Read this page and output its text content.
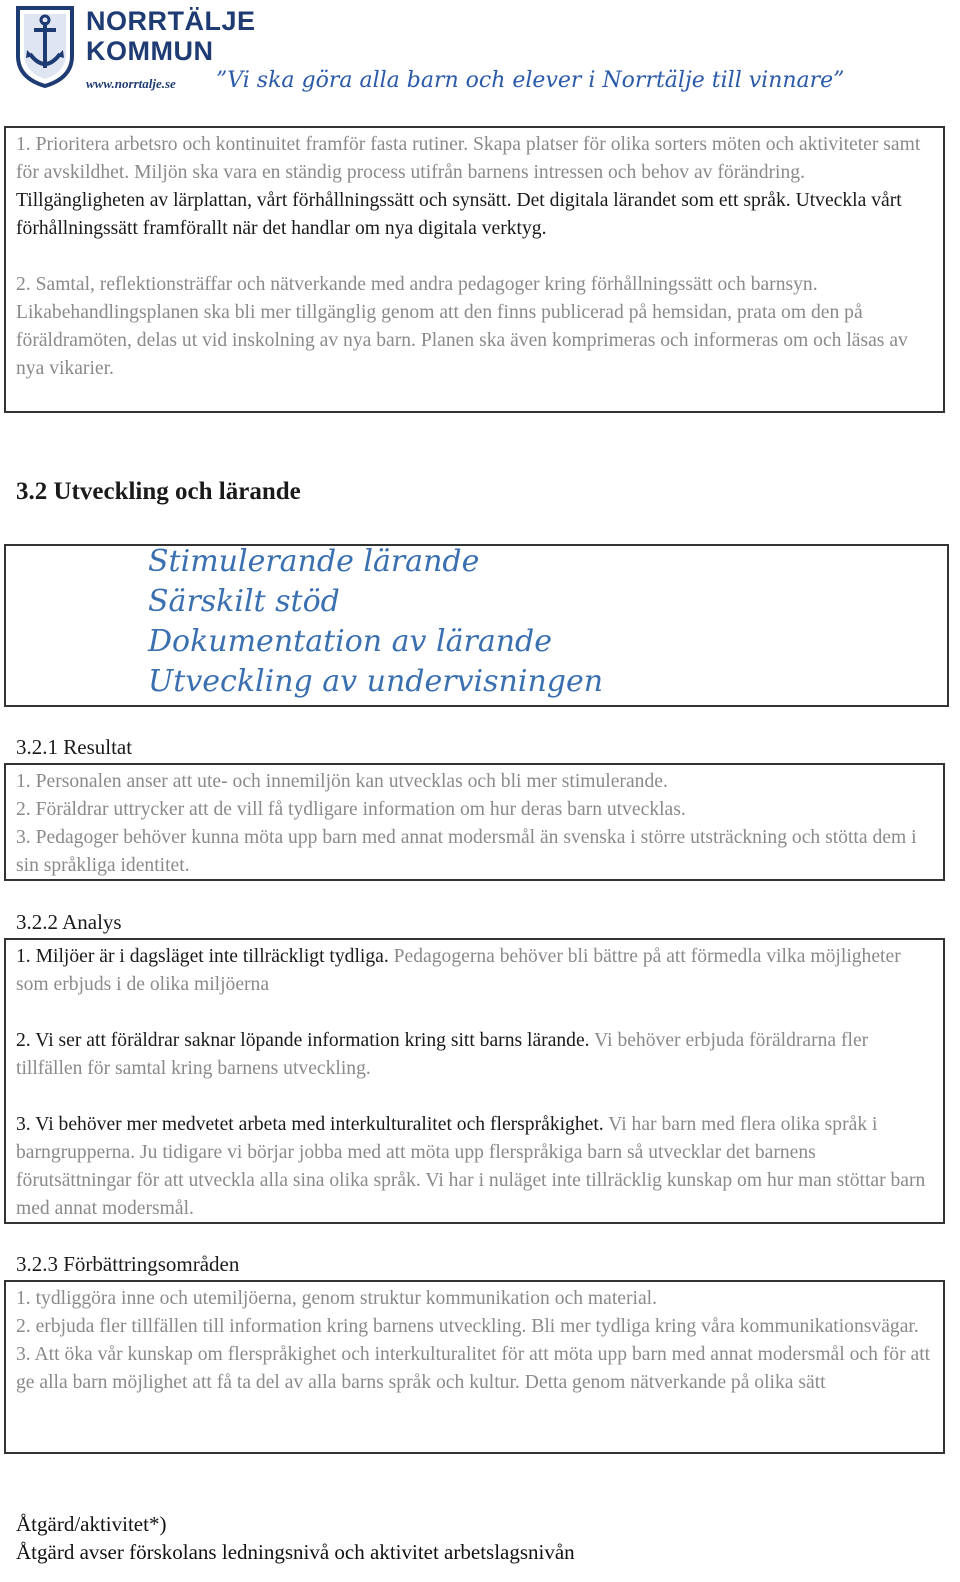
NORRTÄLJE
KOMMUN
www.norrtalje.se ”Vi ska göra alla barn och elever i Norrtälje till vinnare”

1. Prioritera arbetsro och kontinuitet framför fasta rutiner. Skapa platser för olika sorters möten och aktiviteter samt för avskildhet. Miljön ska vara en ständig process utifrån barnens intressen och behov av förändring. Tillgängligheten av lärplattan, vårt förhållningssätt och synsätt. Det digitala lärandet som ett språk. Utveckla vårt förhållningssätt framförallt när det handlar om nya digitala verktyg.

2. Samtal, reflektionsträffar och nätverkande med andra pedagoger kring förhållningssätt och barnsyn. Likabehandlingsplanen ska bli mer tillgänglig genom att den finns publicerad på hemsidan, prata om den på föräldramöten, delas ut vid inskolning av nya barn. Planen ska även komprimeras och informeras om och läsas av nya vikarier.

3.2 Utveckling och lärande
Stimulerande lärande
Särskilt stöd
Dokumentation av lärande
Utveckling av undervisningen
3.2.1 Resultat

1. Personalen anser att ute- och innemiljön kan utvecklas och bli mer stimulerande.

2. Föräldrar uttrycker att de vill få tydligare information om hur deras barn utvecklas.

3. Pedagoger behöver kunna möta upp barn med annat modersmål än svenska i större utsträckning och stötta dem i sin språkliga identitet.

3.2.2 Analys

1. Miljöer är i dagsläget inte tillräckligt tydliga. Pedagogerna behöver bli bättre på att förmedla vilka möjligheter som erbjuds i de olika miljöerna

2. Vi ser att föräldrar saknar löpande information kring sitt barns lärande. Vi behöver erbjuda föräldrarna fler tillfällen för samtal kring barnens utveckling.

3. Vi behöver mer medvetet arbeta med interkulturalitet och flerspråkighet. Vi har barn med flera olika språk i barngrupperna. Ju tidigare vi börjar jobba med att möta upp flerspråkiga barn så utvecklar det barnens förutsättningar för att utveckla alla sina olika språk. Vi har i nuläget inte tillräcklig kunskap om hur man stöttar barn med annat modersmål.

3.2.3 Förbättringsområden

1. tydliggöra inne och utemiljöerna, genom struktur kommunikation och material.

2. erbjuda fler tillfällen till information kring barnens utveckling. Bli mer tydliga kring våra kommunikationsvägar.

3. Att öka vår kunskap om flerspråkighet och interkulturalitet för att möta upp barn med annat modersmål och för att ge alla barn möjlighet att få ta del av alla barns språk och kultur. Detta genom nätverkande på olika sätt

Åtgärd/aktivitet*)
Åtgärd avser förskolans ledningsnivå och aktivitet arbetslagsnivån
